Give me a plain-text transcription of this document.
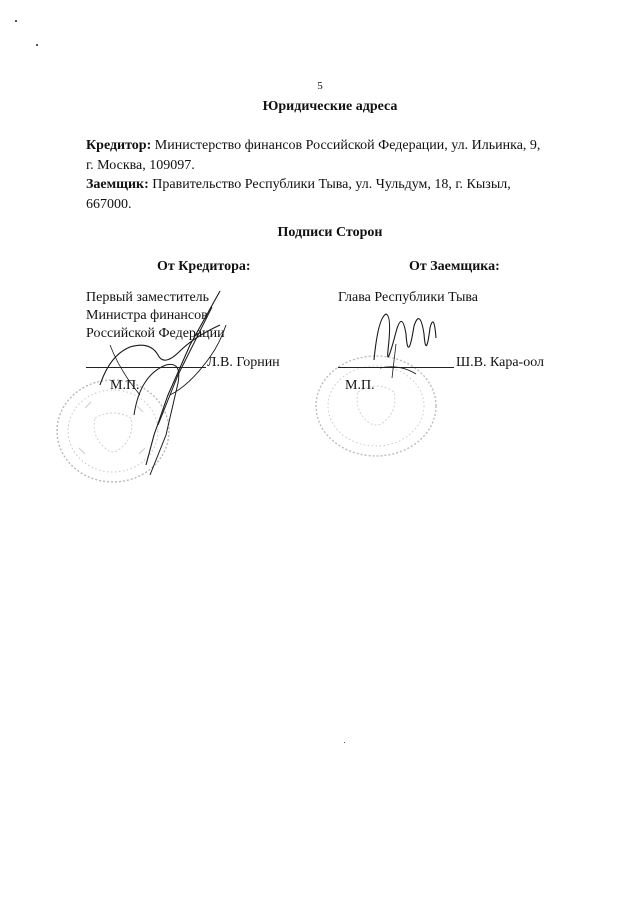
5
Юридические адреса
Кредитор: Министерство финансов Российской Федерации, ул. Ильинка, 9,
г. Москва, 109097.
Заемщик: Правительство Республики Тыва, ул. Чульдум, 18, г. Кызыл,
667000.
Подписи Сторон
От Кредитора:	От Заемщика:
Первый заместитель
Министра финансов
Российской Федерации
Л.В. Горнин
М.П.
Глава Республики Тыва
Ш.В. Кара-оол
М.П.
